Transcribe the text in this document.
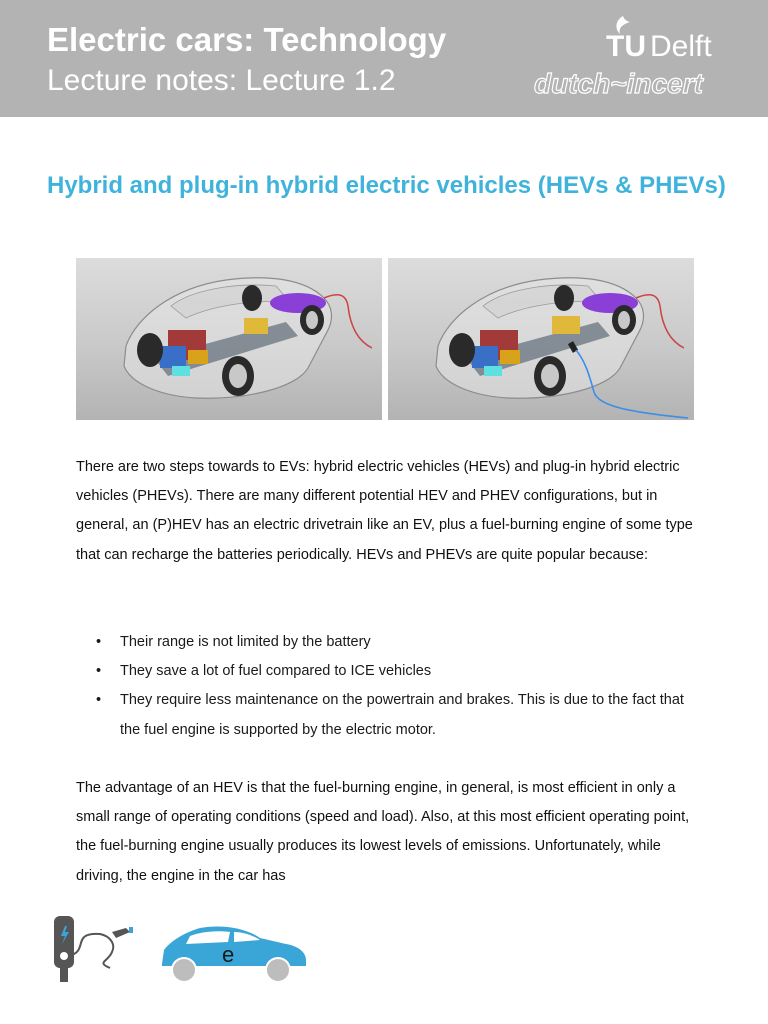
Electric cars: Technology
Lecture notes: Lecture 1.2
TU Delft
dutch~incert
Hybrid and plug-in hybrid electric vehicles (HEVs & PHEVs)
There are two steps towards to EVs: hybrid electric vehicles (HEVs) and plug-in hybrid electric vehicles (PHEVs). There are many different potential HEV and PHEV configurations, but in general, an (P)HEV has an electric drivetrain like an EV, plus a fuel-burning engine of some type that can recharge the batteries periodically. HEVs and PHEVs are quite popular because:
• Their range is not limited by the battery
• They save a lot of fuel compared to ICE vehicles
• They require less maintenance on the powertrain and brakes. This is due to the fact that the fuel engine is supported by the electric motor.
The advantage of an HEV is that the fuel-burning engine, in general, is most efficient in only a small range of operating conditions (speed and load). Also, at this most efficient operating point, the fuel-burning engine usually produces its lowest levels of emissions. Unfortunately, while driving, the engine in the car has
e
